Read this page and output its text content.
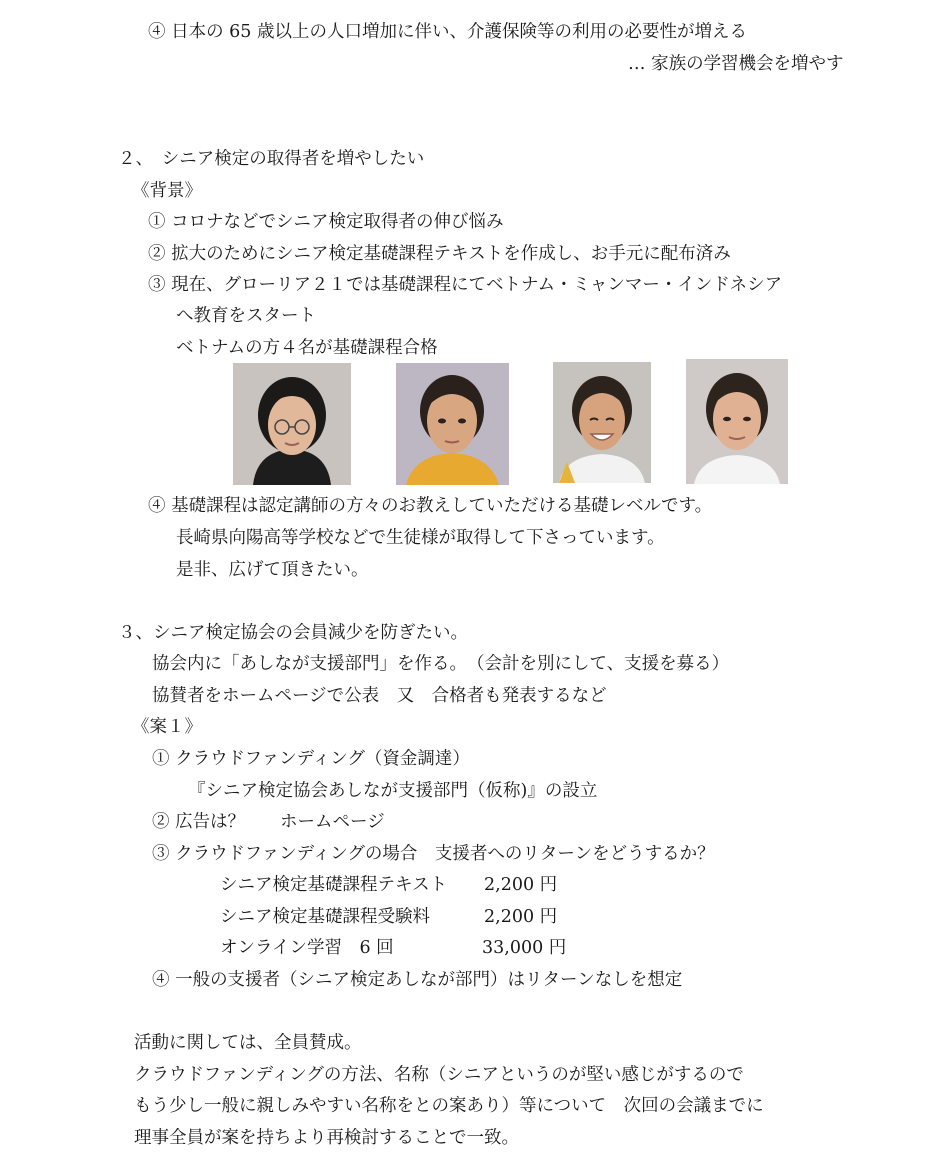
④ 日本の 65 歳以上の人口増加に伴い、介護保険等の利用の必要性が増える
… 家族の学習機会を増やす
２、　シニア検定の取得者を増やしたい
《背景》
① コロナなどでシニア検定取得者の伸び悩み
② 拡大のためにシニア検定基礎課程テキストを作成し、お手元に配布済み
③ 現在、グローリア２１では基礎課程にてベトナム・ミャンマー・インドネシア
へ教育をスタート
ベトナムの方４名が基礎課程合格
④ 基礎課程は認定講師の方々のお教えしていただける基礎レベルです。
長崎県向陽高等学校などで生徒様が取得して下さっています。
是非、広げて頂きたい。
３、シニア検定協会の会員減少を防ぎたい。
協会内に「あしなが支援部門」を作る。　（会計を別にして、支援を募る）
協賛者をホームページで公表　又　合格者も発表するなど
《案１》
① クラウドファンディング（資金調達）
『シニア検定協会あしなが支援部門（仮称)』の設立
② 広告は？　　ホームページ
③ クラウドファンディングの場合　支援者へのリターンをどうするか？
シニア検定基礎課程テキスト 2,200 円
シニア検定基礎課程受験料	2,200 円
オンライン学習　6 回	33,000 円
④ 一般の支援者（シニア検定あしなが部門）はリターンなしを想定
活動に関しては、全員賛成。
クラウドファンディングの方法、名称（シニアというのが堅い感じがするので
もう少し一般に親しみやすい名称をとの案あり）等について　次回の会議までに
理事全員が案を持ちより再検討することで一致。
